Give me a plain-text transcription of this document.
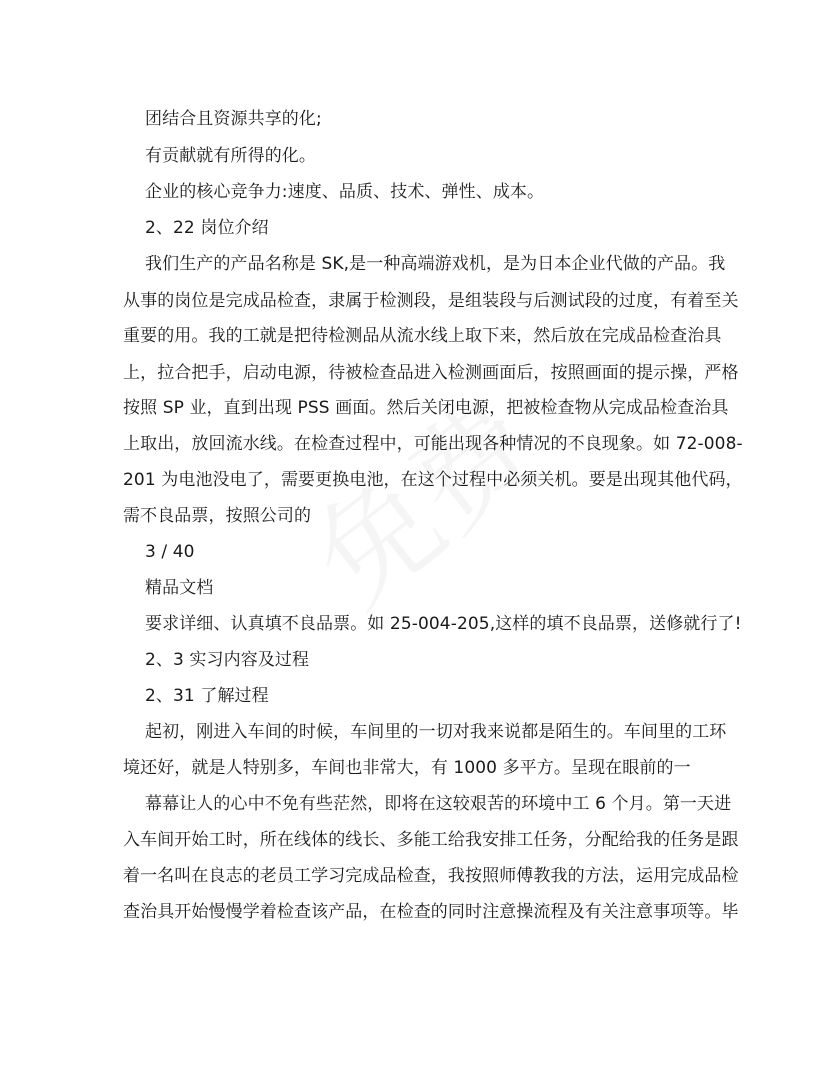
团结合且资源共享的化;
有贡献就有所得的化。
企业的核心竞争力:速度、品质、技术、弹性、成本。
2、22 岗位介绍
我们生产的产品名称是 SK,是一种高端游戏机，是为日本企业代做的产品。我
从事的岗位是完成品检查，隶属于检测段，是组装段与后测试段的过度，有着至关
重要的用。我的工就是把待检测品从流水线上取下来，然后放在完成品检查治具
上，拉合把手，启动电源，待被检查品进入检测画面后，按照画面的提示操，严格
按照 SP 业，直到出现 PSS 画面。然后关闭电源，把被检查物从完成品检查治具
上取出，放回流水线。在检查过程中，可能出现各种情况的不良现象。如 72-008-
201 为电池没电了，需要更换电池，在这个过程中必须关机。要是出现其他代码，
需不良品票，按照公司的
3 / 40
精品文档
要求详细、认真填不良品票。如 25-004-205,这样的填不良品票，送修就行了!
2、3 实习内容及过程
2、31 了解过程
起初，刚进入车间的时候，车间里的一切对我来说都是陌生的。车间里的工环
境还好，就是人特别多，车间也非常大，有 1000 多平方。呈现在眼前的一
幕幕让人的心中不免有些茫然，即将在这较艰苦的环境中工 6 个月。第一天进
入车间开始工时，所在线体的线长、多能工给我安排工任务，分配给我的任务是跟
着一名叫在良志的老员工学习完成品检查，我按照师傅教我的方法，运用完成品检
查治具开始慢慢学着检查该产品，在检查的同时注意操流程及有关注意事项等。毕
